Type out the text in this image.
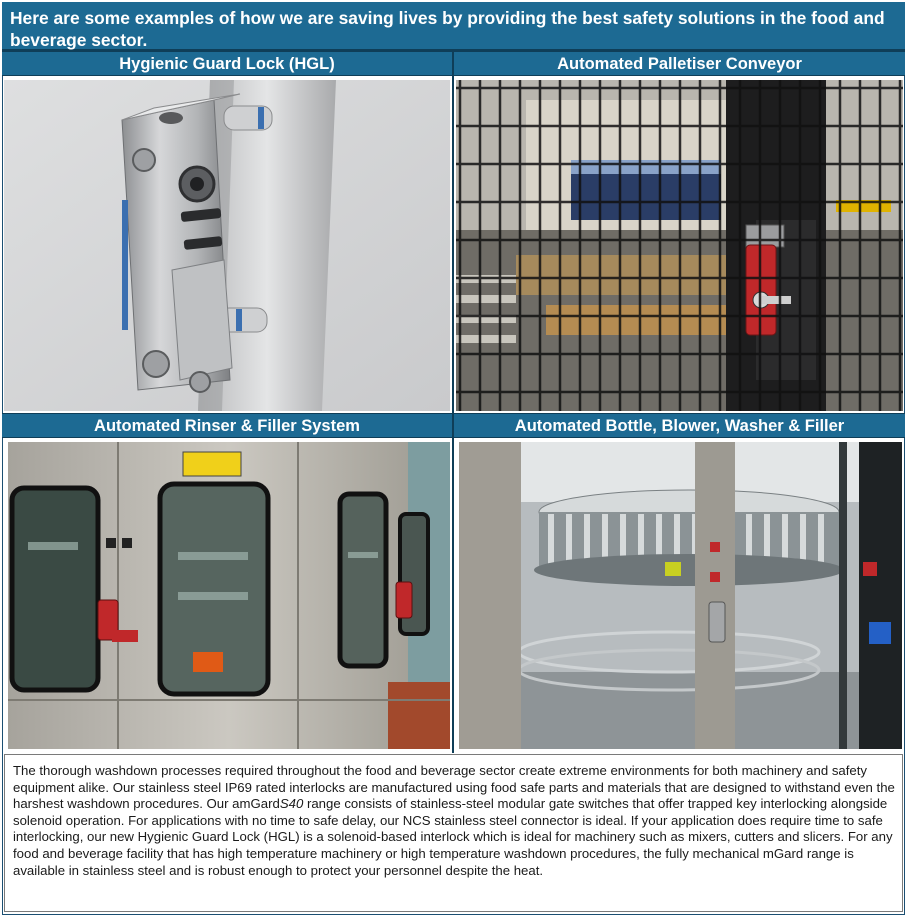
Here are some examples of how we are saving lives by providing the best safety solutions in the food and beverage sector.
Hygienic Guard Lock (HGL)	Automated Palletiser Conveyor
Automated Rinser & Filler System	Automated Bottle, Blower, Washer & Filler

The thorough washdown processes required throughout the food and beverage sector create extreme environments for both machinery and safety equipment alike. Our stainless steel IP69 rated interlocks are manufactured using food safe parts and materials that are designed to withstand even the harshest washdown procedures. Our amGardS40 range consists of stainless-steel modular gate switches that offer trapped key interlocking alongside solenoid operation. For applications with no time to safe delay, our NCS stainless steel connector is ideal. If your application does require time to safe interlocking, our new Hygienic Guard Lock (HGL) is a solenoid-based interlock which is ideal for machinery such as mixers, cutters and slicers. For any food and beverage facility that has high temperature machinery or high temperature washdown procedures, the fully mechanical mGard range is available in stainless steel and is robust enough to protect your personnel despite the heat.
